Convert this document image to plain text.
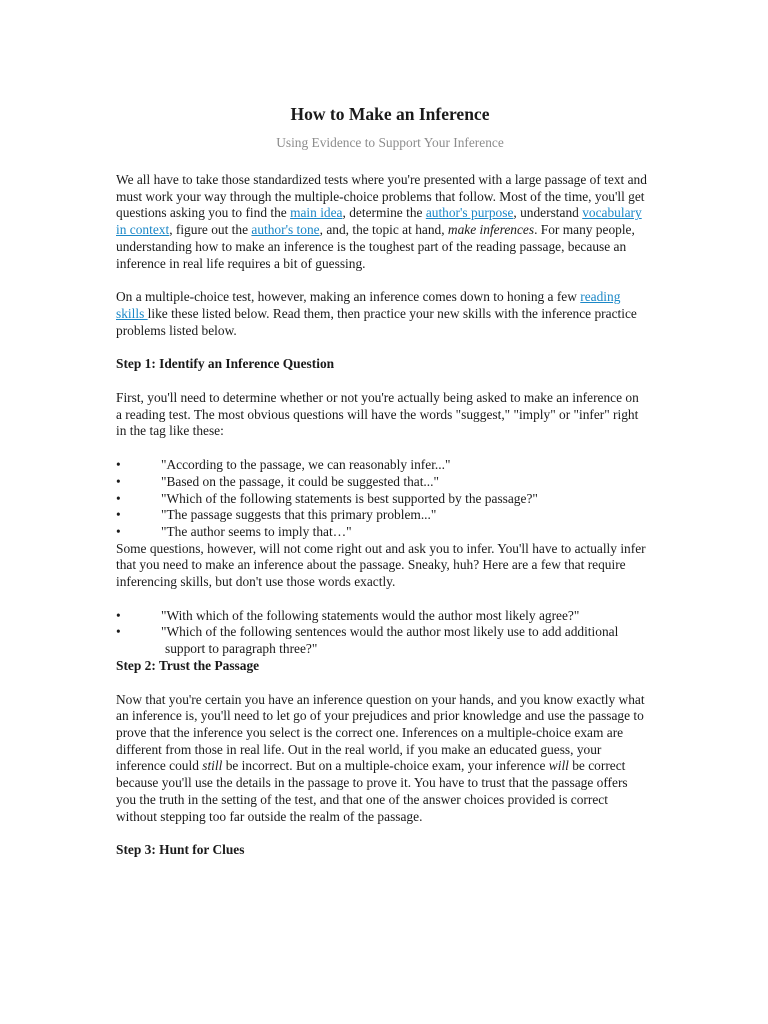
How to Make an Inference
Using Evidence to Support Your Inference

We all have to take those standardized tests where you're presented with a large passage of text and must work your way through the multiple-choice problems that follow. Most of the time, you'll get questions asking you to find the main idea, determine the author's purpose, understand vocabulary in context, figure out the author's tone, and, the topic at hand, make inferences. For many people, understanding how to make an inference is the toughest part of the reading passage, because an inference in real life requires a bit of guessing.

On a multiple-choice test, however, making an inference comes down to honing a few reading skills like these listed below. Read them, then practice your new skills with the inference practice problems listed below.

Step 1: Identify an Inference Question

First, you'll need to determine whether or not you're actually being asked to make an inference on a reading test. The most obvious questions will have the words "suggest," "imply" or "infer" right in the tag like these:

•	"According to the passage, we can reasonably infer..."
•	"Based on the passage, it could be suggested that..."
•	"Which of the following statements is best supported by the passage?"
•	"The passage suggests that this primary problem..."
•	"The author seems to imply that…"

Some questions, however, will not come right out and ask you to infer. You'll have to actually infer that you need to make an inference about the passage. Sneaky, huh? Here are a few that require inferencing skills, but don't use those words exactly.

•	"With which of the following statements would the author most likely agree?"
•	"Which of the following sentences would the author most likely use to add additional support to paragraph three?"
Step 2: Trust the Passage

Now that you're certain you have an inference question on your hands, and you know exactly what an inference is, you'll need to let go of your prejudices and prior knowledge and use the passage to prove that the inference you select is the correct one. Inferences on a multiple-choice exam are different from those in real life. Out in the real world, if you make an educated guess, your inference could still be incorrect. But on a multiple-choice exam, your inference will be correct because you'll use the details in the passage to prove it. You have to trust that the passage offers you the truth in the setting of the test, and that one of the answer choices provided is correct without stepping too far outside the realm of the passage.

Step 3: Hunt for Clues
